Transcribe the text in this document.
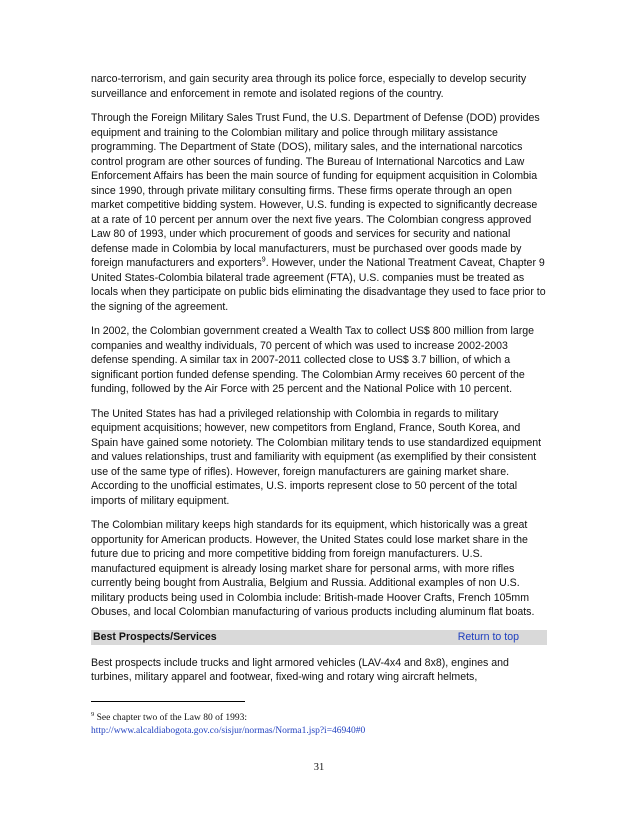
narco-terrorism, and gain security area through its police force, especially to develop security surveillance and enforcement in remote and isolated regions of the country.

Through the Foreign Military Sales Trust Fund, the U.S. Department of Defense (DOD) provides equipment and training to the Colombian military and police through military assistance programming. The Department of State (DOS), military sales, and the international narcotics control program are other sources of funding. The Bureau of International Narcotics and Law Enforcement Affairs has been the main source of funding for equipment acquisition in Colombia since 1990, through private military consulting firms. These firms operate through an open market competitive bidding system. However, U.S. funding is expected to significantly decrease at a rate of 10 percent per annum over the next five years. The Colombian congress approved Law 80 of 1993, under which procurement of goods and services for security and national defense made in Colombia by local manufacturers, must be purchased over goods made by foreign manufacturers and exporters$^9$. However, under the National Treatment Caveat, Chapter 9 United States-Colombia bilateral trade agreement (FTA), U.S. companies must be treated as locals when they participate on public bids eliminating the disadvantage they used to face prior to the signing of the agreement.

In 2002, the Colombian government created a Wealth Tax to collect US$ 800 million from large companies and wealthy individuals, 70 percent of which was used to increase 2002-2003 defense spending. A similar tax in 2007-2011 collected close to US$ 3.7 billion, of which a significant portion funded defense spending. The Colombian Army receives 60 percent of the funding, followed by the Air Force with 25 percent and the National Police with 10 percent.

The United States has had a privileged relationship with Colombia in regards to military equipment acquisitions; however, new competitors from England, France, South Korea, and Spain have gained some notoriety. The Colombian military tends to use standardized equipment and values relationships, trust and familiarity with equipment (as exemplified by their consistent use of the same type of rifles). However, foreign manufacturers are gaining market share. According to the unofficial estimates, U.S. imports represent close to 50 percent of the total imports of military equipment.

The Colombian military keeps high standards for its equipment, which historically was a great opportunity for American products. However, the United States could lose market share in the future due to pricing and more competitive bidding from foreign manufacturers. U.S. manufactured equipment is already losing market share for personal arms, with more rifles currently being bought from Australia, Belgium and Russia. Additional examples of non U.S. military products being used in Colombia include: British-made Hoover Crafts, French 105mm Obuses, and local Colombian manufacturing of various products including aluminum flat boats.

Best Prospects/Services	Return to top

Best prospects include trucks and light armored vehicles (LAV-4x4 and 8x8), engines and turbines, military apparel and footwear, fixed-wing and rotary wing aircraft helmets,

$^9$ See chapter two of the Law 80 of 1993:
http://www.alcaldiabogota.gov.co/sisjur/normas/Norma1.jsp?i=46940#0
31
